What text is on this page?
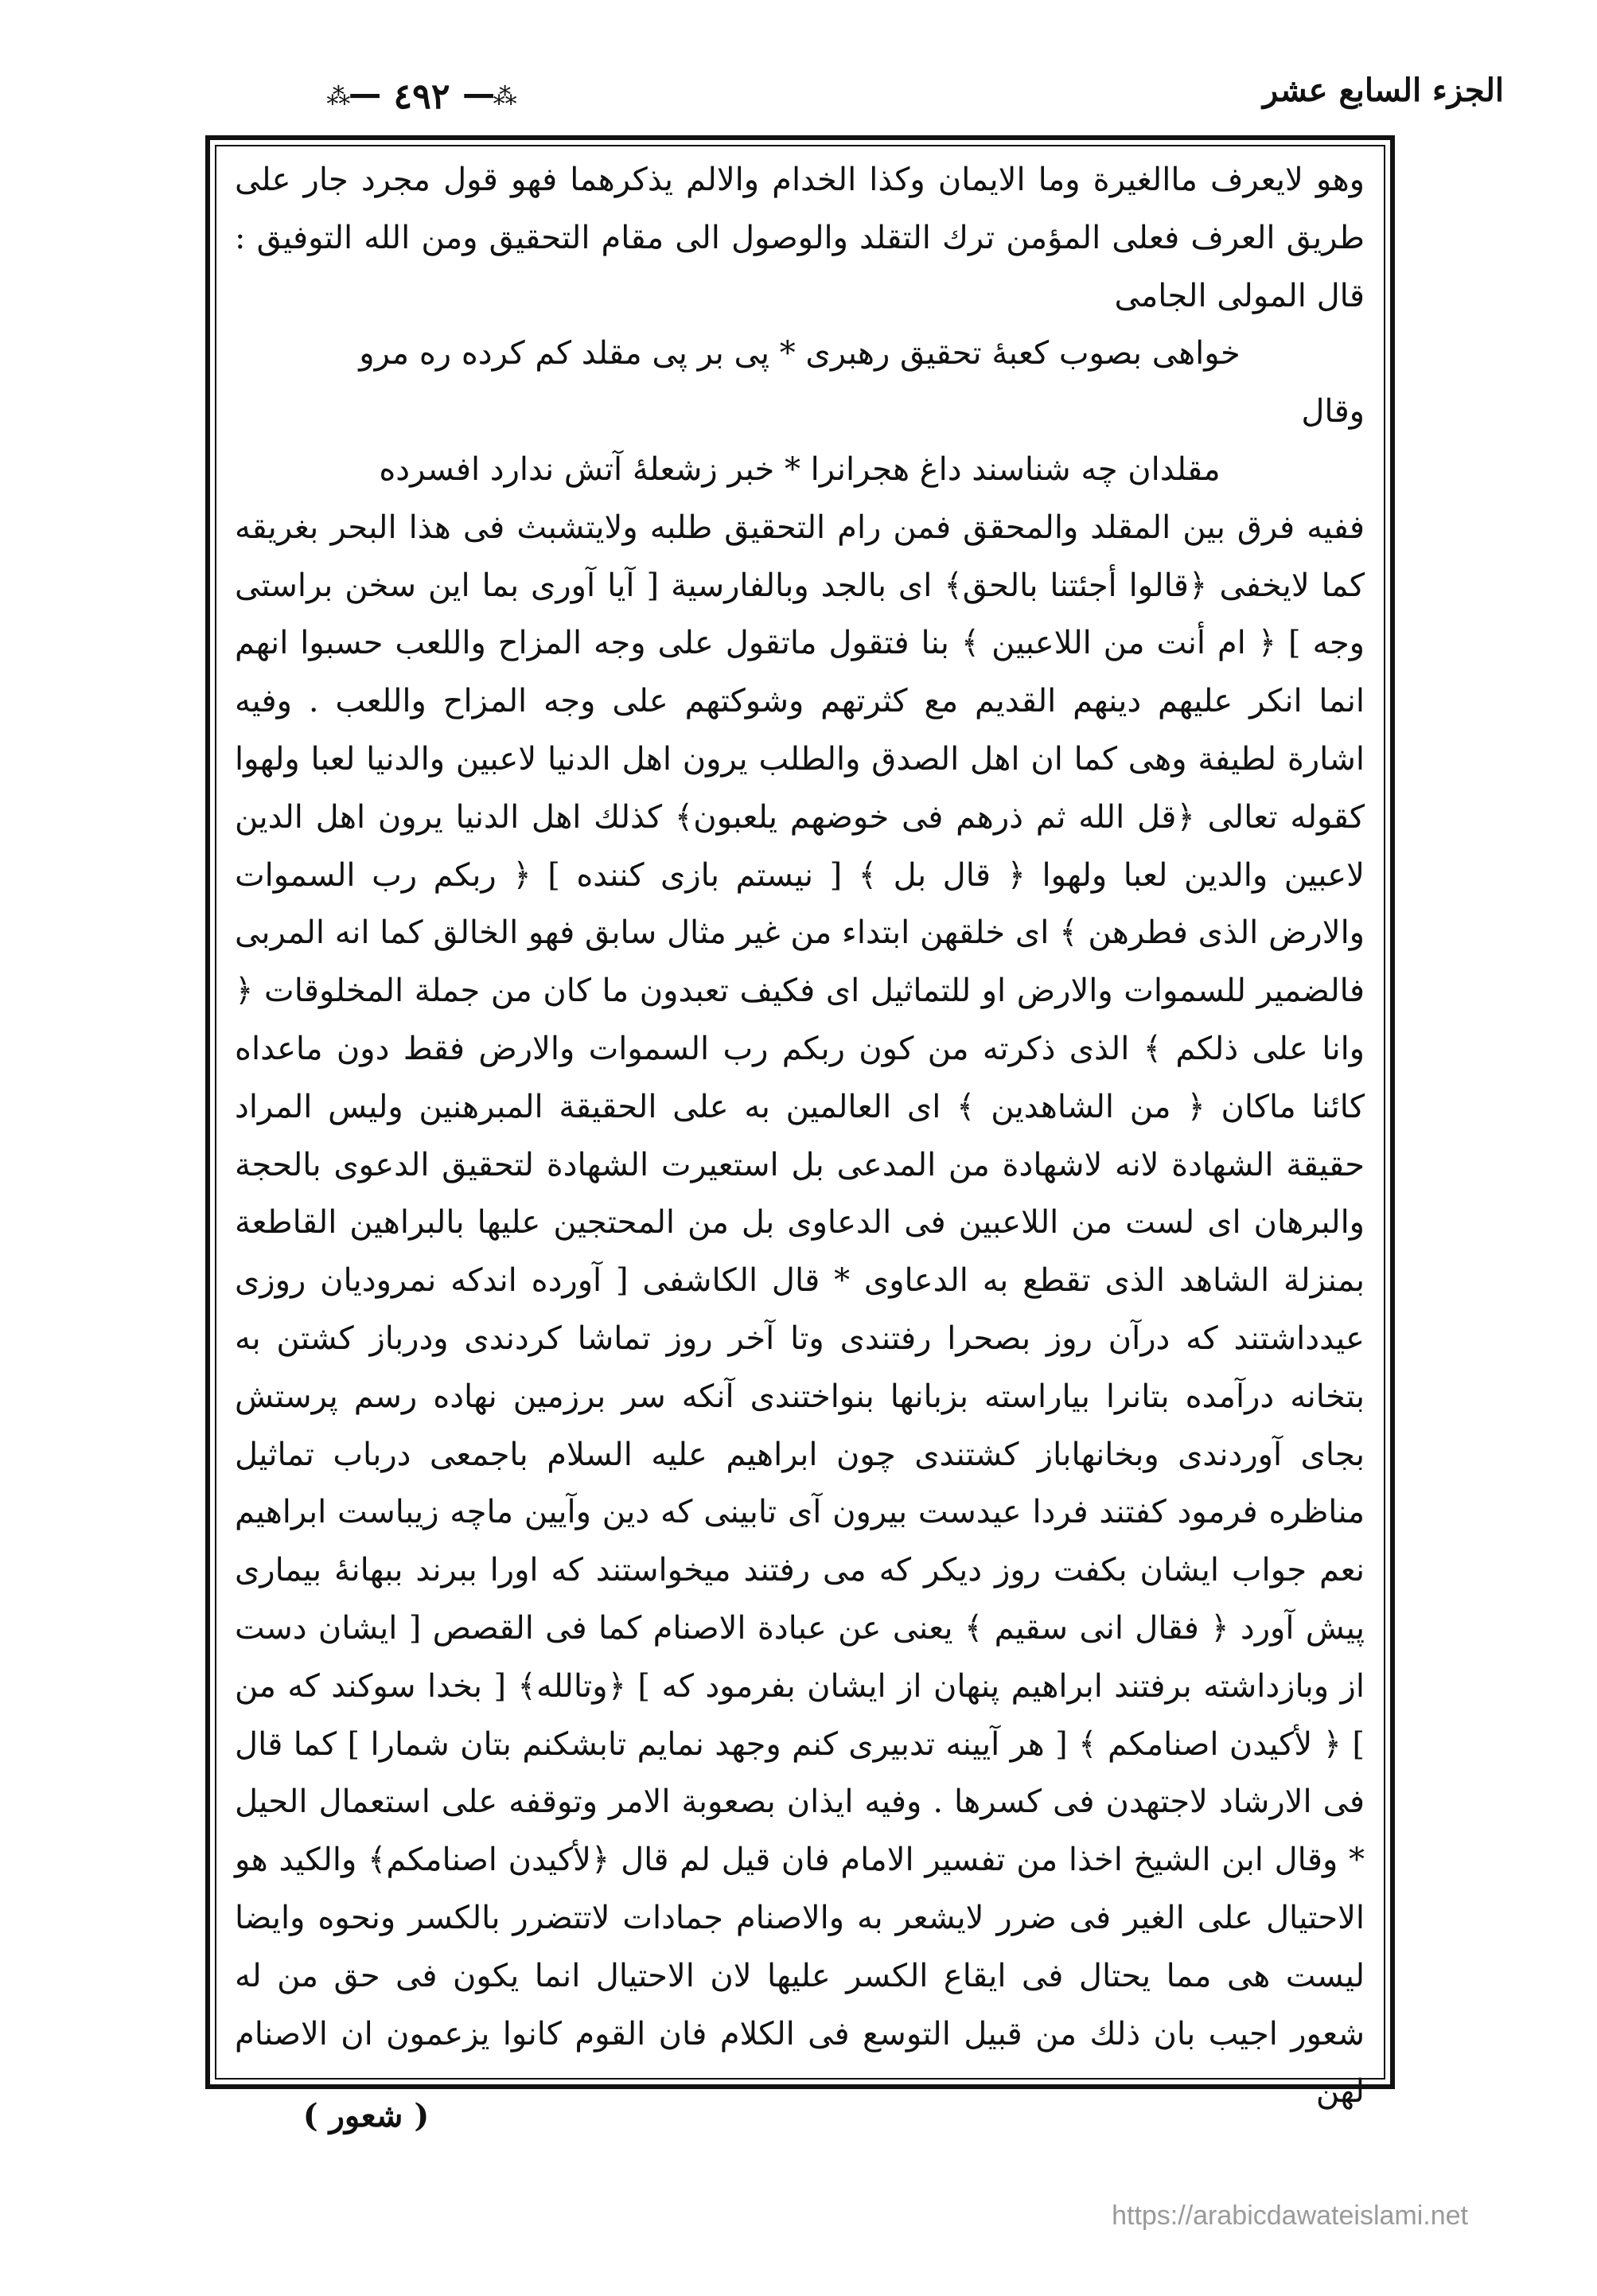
⁂━━
٤٩٢
━━⁂	الجزء السابع عشر

وهو لايعرف ماالغيرة وما الايمان وكذا الخدام والالم يذكرهما فهو قول مجرد جار على طريق العرف فعلى المؤمن ترك التقلد والوصول الى مقام التحقيق ومن الله التوفيق : قال المولى الجامى

خواهى بصوب كعبهٔ تحقيق رهبرى * پى بر پى مقلد كم كرده ره مرو

وقال

مقلدان چه شناسند داغ هجرانرا * خبر زشعلهٔ آتش ندارد افسرده

ففيه فرق بين المقلد والمحقق فمن رام التحقيق طلبه ولايتشبث فى هذا البحر بغريقه كما لايخفى ﴿قالوا أجئتنا بالحق﴾ اى بالجد وبالفارسية [ آيا آورى بما اين سخن براستى وجه ] ﴿ ام أنت من اللاعبين ﴾ بنا فتقول ماتقول على وجه المزاح واللعب حسبوا انهم انما انكر عليهم دينهم القديم مع كثرتهم وشوكتهم على وجه المزاح واللعب . وفيه اشارة لطيفة وهى كما ان اهل الصدق والطلب يرون اهل الدنيا لاعبين والدنيا لعبا ولهوا كقوله تعالى ﴿قل الله ثم ذرهم فى خوضهم يلعبون﴾ كذلك اهل الدنيا يرون اهل الدين لاعبين والدين لعبا ولهوا ﴿ قال بل ﴾ [ نيستم بازى كننده ] ﴿ ربكم رب السموات والارض الذى فطرهن ﴾ اى خلقهن ابتداء من غير مثال سابق فهو الخالق كما انه المربى فالضمير للسموات والارض او للتماثيل اى فكيف تعبدون ما كان من جملة المخلوقات ﴿ وانا على ذلكم ﴾ الذى ذكرته من كون ربكم رب السموات والارض فقط دون ماعداه كائنا ماكان ﴿ من الشاهدين ﴾ اى العالمين به على الحقيقة المبرهنين وليس المراد حقيقة الشهادة لانه لاشهادة من المدعى بل استعيرت الشهادة لتحقيق الدعوى بالحجة والبرهان اى لست من اللاعبين فى الدعاوى بل من المحتجين عليها بالبراهين القاطعة بمنزلة الشاهد الذى تقطع به الدعاوى * قال الكاشفى [ آورده اندكه نمروديان روزى عيدداشتند كه درآن روز بصحرا رفتندى وتا آخر روز تماشا كردندى ودرباز كشتن به بتخانه درآمده بتانرا بياراسته بزبانها بنواختندى آنكه سر برزمين نهاده رسم پرستش بجاى آوردندى وبخانهاباز كشتندى چون ابراهيم عليه السلام باجمعى درباب تماثيل مناظره فرمود كفتند فردا عيدست بيرون آى تابينى كه دين وآيين ماچه زيباست ابراهيم نعم جواب ايشان بكفت روز ديكر كه مى رفتند ميخواستند كه اورا ببرند ببهانهٔ بيمارى پيش آورد ﴿ فقال انى سقيم ﴾ يعنى عن عبادة الاصنام كما فى القصص [ ايشان دست از وبازداشته برفتند ابراهيم پنهان از ايشان بفرمود كه ] ﴿وتالله﴾ [ بخدا سوكند كه من ] ﴿ لأكيدن اصنامكم ﴾ [ هر آيينه تدبيرى كنم وجهد نمايم تابشكنم بتان شمارا ] كما قال فى الارشاد لاجتهدن فى كسرها . وفيه ايذان بصعوبة الامر وتوقفه على استعمال الحيل * وقال ابن الشيخ اخذا من تفسير الامام فان قيل لم قال ﴿لأكيدن اصنامكم﴾ والكيد هو الاحتيال على الغير فى ضرر لايشعر به والاصنام جمادات لاتتضرر بالكسر ونحوه وايضا ليست هى مما يحتال فى ايقاع الكسر عليها لان الاحتيال انما يكون فى حق من له شعور اجيب بان ذلك من قبيل التوسع فى الكلام فان القوم كانوا يزعمون ان الاصنام لهن

( شعور )
https://arabicdawateislami.net
